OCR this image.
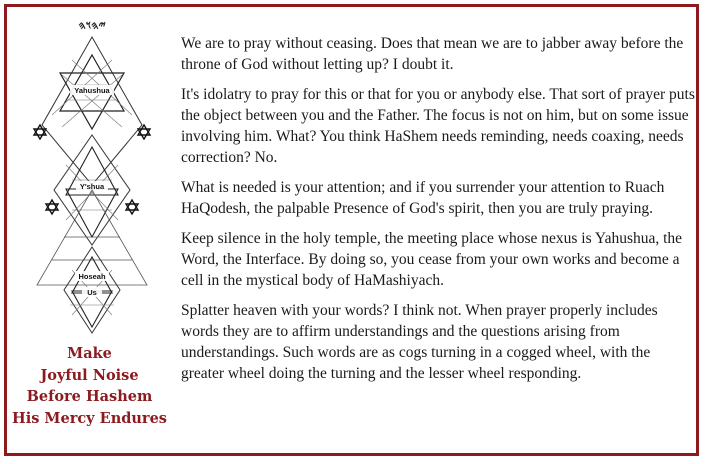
𐤉𐤄𐤅𐤄
Yahushua
Y'shua
Hoseah
Us
Make
Joyful Noise
Before Hashem
His Mercy Endures

We are to pray without ceasing. Does that mean we are to jabber away before the throne of God without letting up? I doubt it.

It's idolatry to pray for this or that for you or anybody else. That sort of prayer puts the object between you and the Father. The focus is not on him, but on some issue involving him. What? You think HaShem needs reminding, needs coaxing, needs correction? No.

What is needed is your attention; and if you surrender your attention to Ruach HaQodesh, the palpable Presence of God's spirit, then you are truly praying.

Keep silence in the holy temple, the meeting place whose nexus is Yahushua, the Word, the Interface. By doing so, you cease from your own works and become a cell in the mystical body of HaMashiyach.

Splatter heaven with your words? I think not. When prayer properly includes words they are to affirm understandings and the questions arising from understandings. Such words are as cogs turning in a cogged wheel, with the greater wheel doing the turning and the lesser wheel responding.
